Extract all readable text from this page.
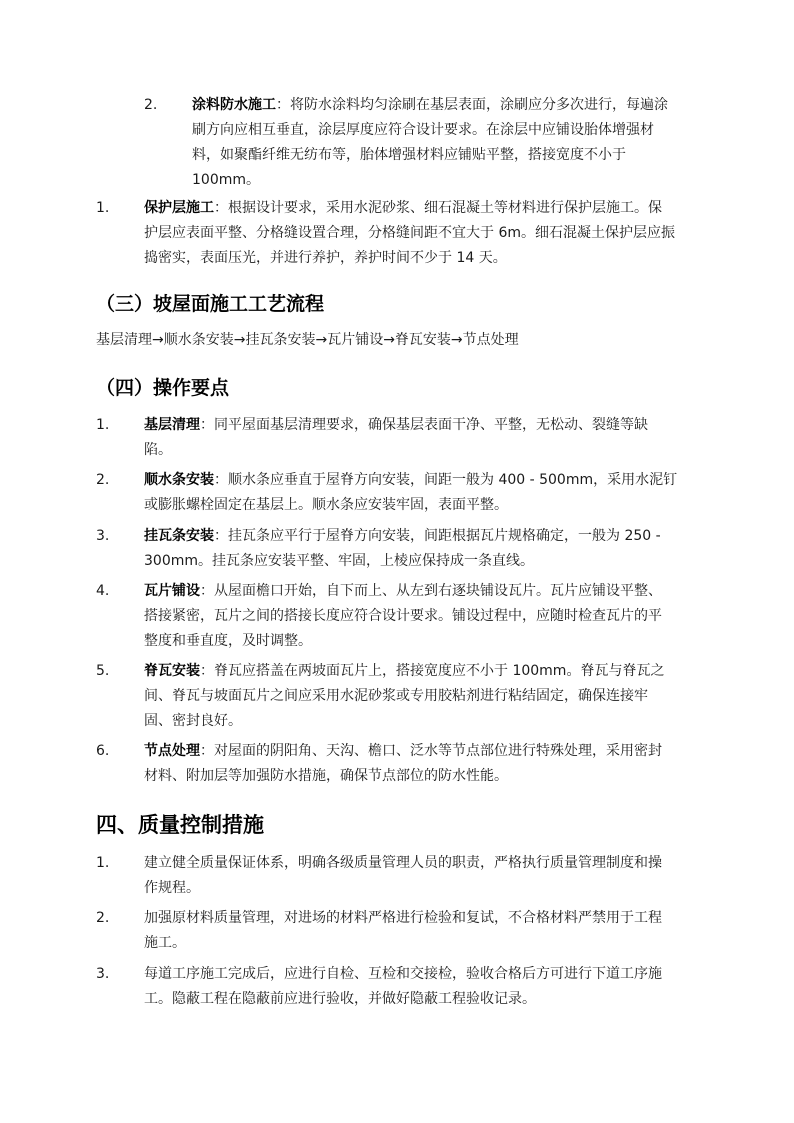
2.	涂料防水施工：将防水涂料均匀涂刷在基层表面，涂刷应分多次进行，每遍涂
刷方向应相互垂直，涂层厚度应符合设计要求。在涂层中应铺设胎体增强材
料，如聚酯纤维无纺布等，胎体增强材料应铺贴平整，搭接宽度不小于
100mm。
1.	保护层施工：根据设计要求，采用水泥砂浆、细石混凝土等材料进行保护层施工。保
护层应表面平整、分格缝设置合理，分格缝间距不宜大于 6m。细石混凝土保护层应振
捣密实，表面压光，并进行养护，养护时间不少于 14 天。
（三）坡屋面施工工艺流程
基层清理→顺水条安装→挂瓦条安装→瓦片铺设→脊瓦安装→节点处理
（四）操作要点
1.	基层清理：同平屋面基层清理要求，确保基层表面干净、平整，无松动、裂缝等缺
陷。
2.	顺水条安装：顺水条应垂直于屋脊方向安装，间距一般为 400 - 500mm，采用水泥钉
或膨胀螺栓固定在基层上。顺水条应安装牢固，表面平整。
3.	挂瓦条安装：挂瓦条应平行于屋脊方向安装，间距根据瓦片规格确定，一般为 250 -
300mm。挂瓦条应安装平整、牢固，上棱应保持成一条直线。
4.	瓦片铺设：从屋面檐口开始，自下而上、从左到右逐块铺设瓦片。瓦片应铺设平整、
搭接紧密，瓦片之间的搭接长度应符合设计要求。铺设过程中，应随时检查瓦片的平
整度和垂直度，及时调整。
5.	脊瓦安装：脊瓦应搭盖在两坡面瓦片上，搭接宽度应不小于 100mm。脊瓦与脊瓦之
间、脊瓦与坡面瓦片之间应采用水泥砂浆或专用胶粘剂进行粘结固定，确保连接牢
固、密封良好。
6.	节点处理：对屋面的阴阳角、天沟、檐口、泛水等节点部位进行特殊处理，采用密封
材料、附加层等加强防水措施，确保节点部位的防水性能。
四、质量控制措施
1.	建立健全质量保证体系，明确各级质量管理人员的职责，严格执行质量管理制度和操
作规程。
2.	加强原材料质量管理，对进场的材料严格进行检验和复试，不合格材料严禁用于工程
施工。
3.	每道工序施工完成后，应进行自检、互检和交接检，验收合格后方可进行下道工序施
工。隐蔽工程在隐蔽前应进行验收，并做好隐蔽工程验收记录。
